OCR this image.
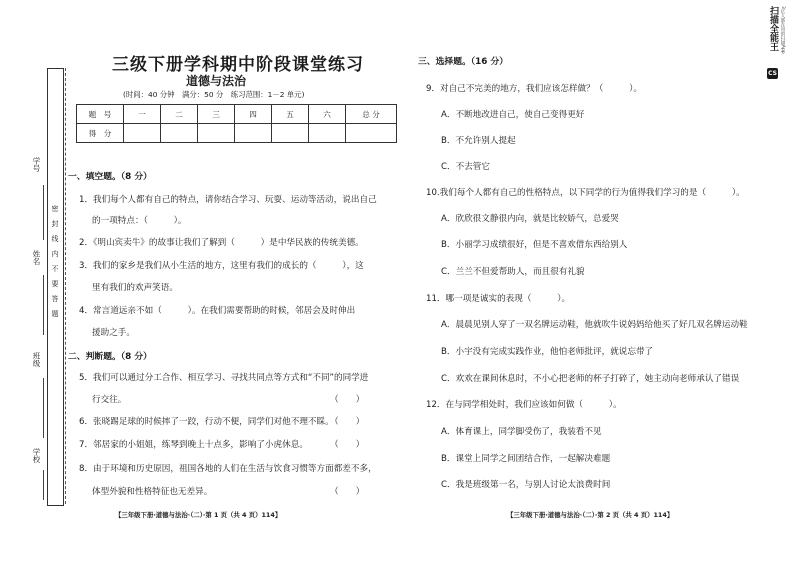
扫描全能王 3亿人都在用的扫描App
CS
学号
姓名
班级
学校
密 封 线 内 不 要 答 题
三级下册学科期中阶段课堂练习
道德与法治
(时间：40 分钟　满分：50 分　练习范围：1－2 单元)
题　号	一	二	三	四	五	六	总 分
得　分							
一、填空题。（8 分）
1．我们每个人都有自己的特点，请你结合学习、玩耍、运动等活动，说出自己
的一项特点：（　　　）。
2．《明山宾卖牛》的故事让我们了解到（　　　）是中华民族的传统美德。
3．我们的家乡是我们从小生活的地方，这里有我们的成长的（　　　），这
里有我们的欢声笑语。
4．常言道远亲不如（　　　）。在我们需要帮助的时候，邻居会及时伸出
援助之手。
二、判断题。（8 分）
5．我们可以通过分工合作、相互学习、寻找共同点等方式和“不同”的同学进
行交往。	（　　）
6．张晓踢足球的时候摔了一跤，行动不便，同学们对他不理不睬。
（　　）
7．邻居家的小姐姐，练琴到晚上十点多，影响了小虎休息。	（　　）
8．由于环境和历史原因，祖国各地的人们在生活与饮食习惯等方面都差不多，
体型外貌和性格特征也无差异。	（　　）
【三年级下册·道德与法治·（二）·第 1 页（共 4 页）114】
三、选择题。（16 分）
9．对自己不完美的地方，我们应该怎样做？（　　　）。
A．不断地改进自己，使自己变得更好
B．不允许别人提起
C．不去管它
10.我们每个人都有自己的性格特点，以下同学的行为值得我们学习的是（　　　）。
A．欣欣很文静很内向，就是比较娇气，总爱哭
B．小丽学习成绩很好，但是不喜欢借东西给别人
C．兰兰不但爱帮助人，而且很有礼貌
11．哪一项是诚实的表现（　　　）。
A．晨晨见别人穿了一双名牌运动鞋，他就吹牛说妈妈给他买了好几双名牌运动鞋
B．小宇没有完成实践作业，他怕老师批评，就说忘带了
C．欢欢在课间休息时，不小心把老师的杯子打碎了，她主动向老师承认了错误
12．在与同学相处时，我们应该如何做（　　　）。
A．体育课上，同学脚受伤了，我装看不见
B．课堂上同学之间团结合作，一起解决难题
C．我是班级第一名，与别人讨论太浪费时间
【三年级下册·道德与法治·（二）·第 2 页（共 4 页）114】
